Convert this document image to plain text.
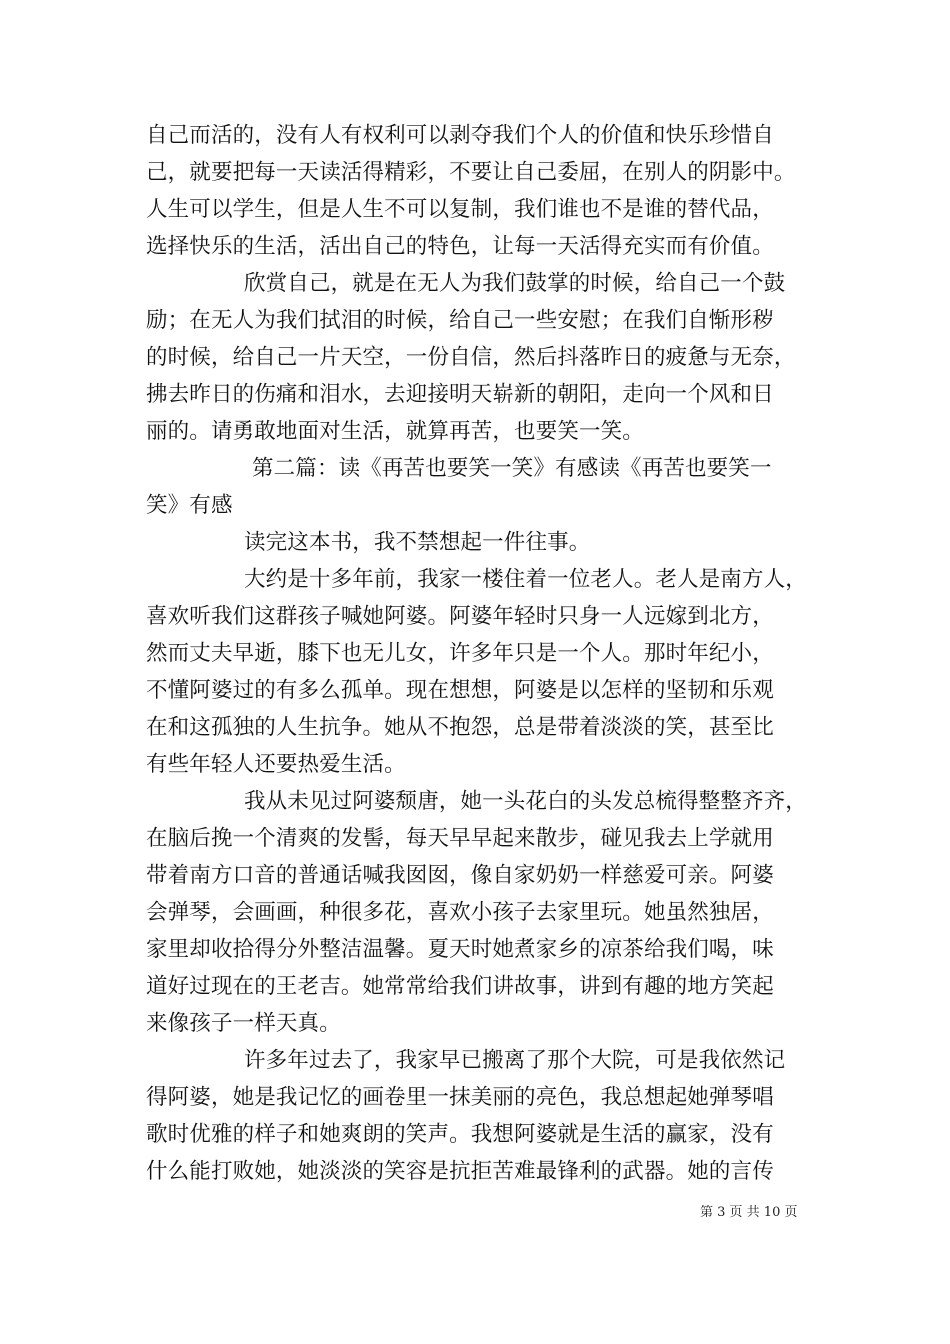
自己而活的，没有人有权利可以剥夺我们个人的价值和快乐珍惜自
己，就要把每一天读活得精彩，不要让自己委屈，在别人的阴影中。
人生可以学生，但是人生不可以复制，我们谁也不是谁的替代品，
选择快乐的生活，活出自己的特色，让每一天活得充实而有价值。
欣赏自己，就是在无人为我们鼓掌的时候，给自己一个鼓
励；在无人为我们拭泪的时候，给自己一些安慰；在我们自惭形秽
的时候，给自己一片天空，一份自信，然后抖落昨日的疲惫与无奈，
拂去昨日的伤痛和泪水，去迎接明天崭新的朝阳，走向一个风和日
丽的。请勇敢地面对生活，就算再苦，也要笑一笑。
第二篇：读《再苦也要笑一笑》有感读《再苦也要笑一
笑》有感
读完这本书，我不禁想起一件往事。
大约是十多年前，我家一楼住着一位老人。老人是南方人，
喜欢听我们这群孩子喊她阿婆。阿婆年轻时只身一人远嫁到北方，
然而丈夫早逝，膝下也无儿女，许多年只是一个人。那时年纪小，
不懂阿婆过的有多么孤单。现在想想，阿婆是以怎样的坚韧和乐观
在和这孤独的人生抗争。她从不抱怨，总是带着淡淡的笑，甚至比
有些年轻人还要热爱生活。
我从未见过阿婆颓唐，她一头花白的头发总梳得整整齐齐，
在脑后挽一个清爽的发髻，每天早早起来散步，碰见我去上学就用
带着南方口音的普通话喊我囡囡，像自家奶奶一样慈爱可亲。阿婆
会弹琴，会画画，种很多花，喜欢小孩子去家里玩。她虽然独居，
家里却收拾得分外整洁温馨。夏天时她煮家乡的凉茶给我们喝，味
道好过现在的王老吉。她常常给我们讲故事，讲到有趣的地方笑起
来像孩子一样天真。
许多年过去了，我家早已搬离了那个大院，可是我依然记
得阿婆，她是我记忆的画卷里一抹美丽的亮色，我总想起她弹琴唱
歌时优雅的样子和她爽朗的笑声。我想阿婆就是生活的赢家，没有
什么能打败她，她淡淡的笑容是抗拒苦难最锋利的武器。她的言传
第 3 页 共 10 页
